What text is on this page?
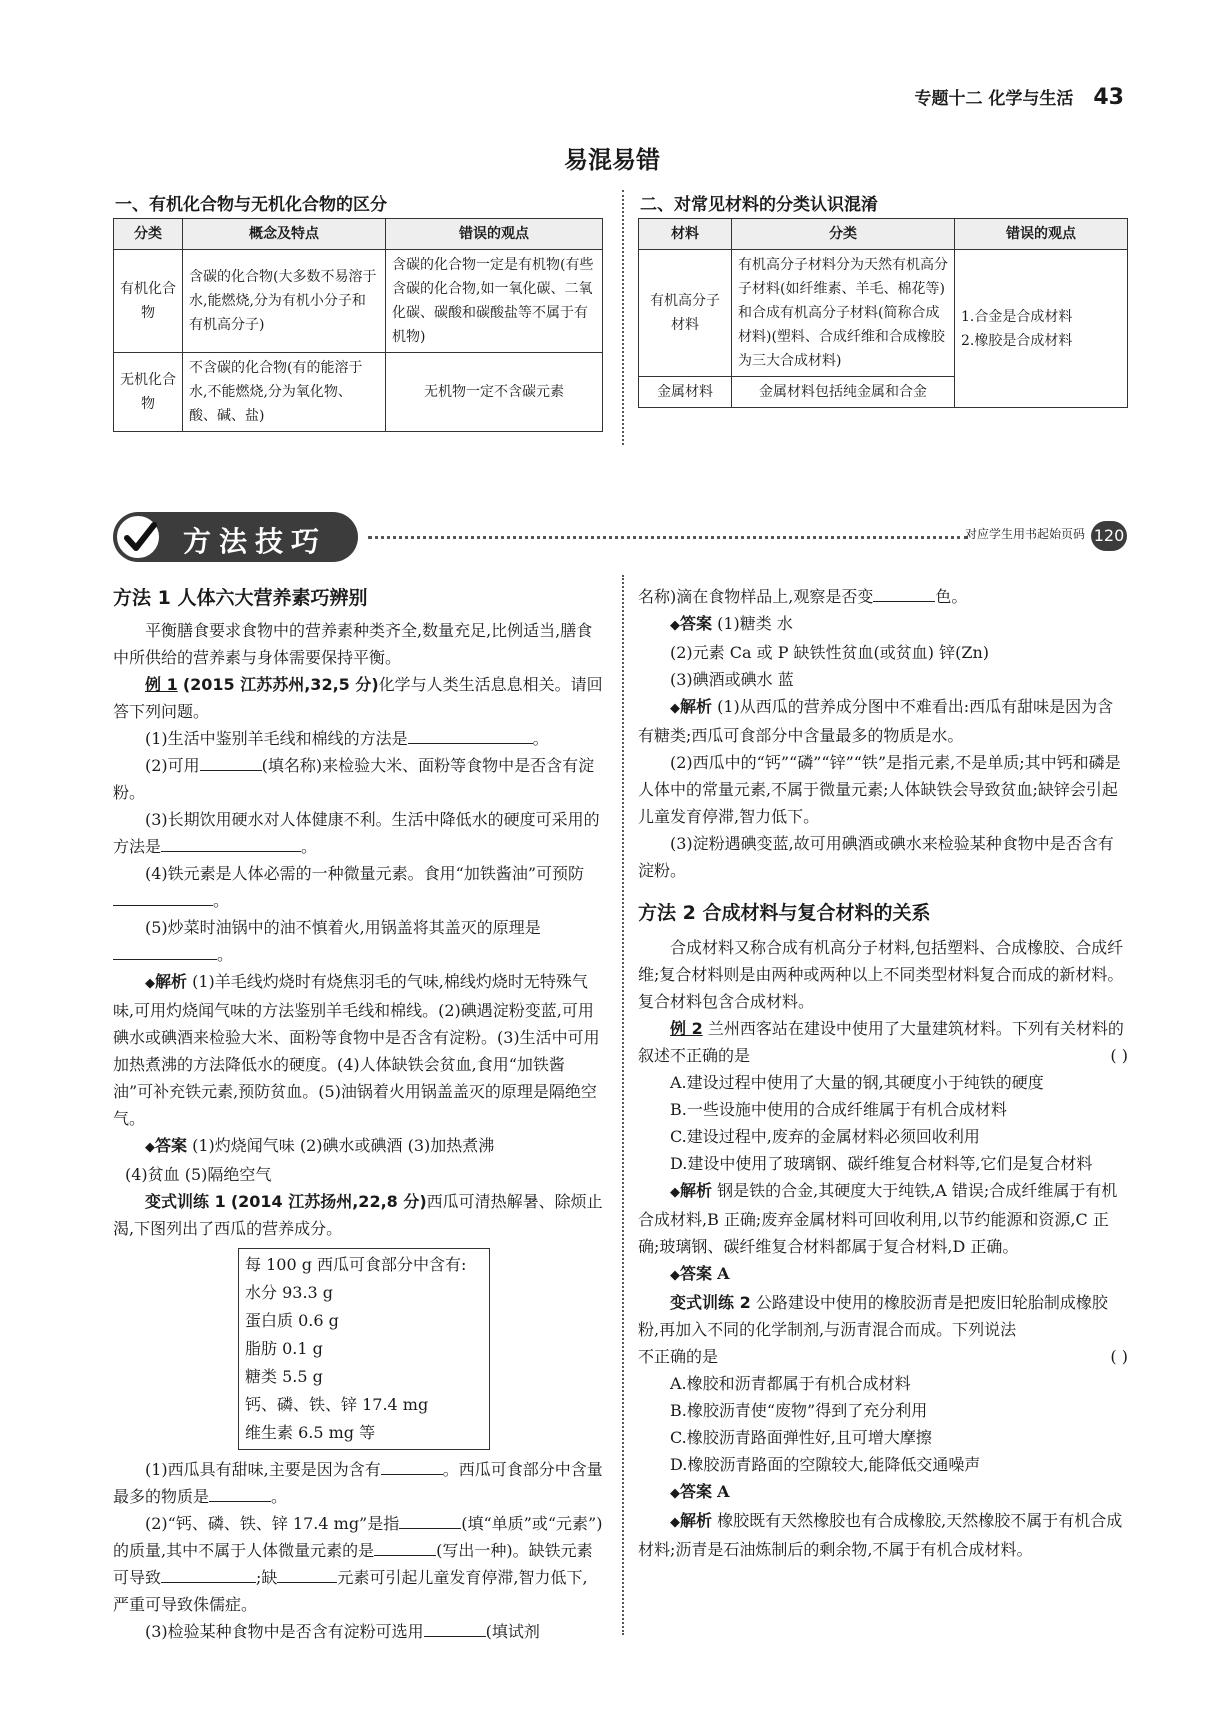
专题十二 化学与生活 43
易混易错
一、有机化合物与无机化合物的区分
分类	概念及特点	错误的观点
有机化合物	含碳的化合物(大多数不易溶于水,能燃烧,分为有机小分子和有机高分子)	含碳的化合物一定是有机物(有些含碳的化合物,如一氧化碳、二氧化碳、碳酸和碳酸盐等不属于有机物)
无机化合物	不含碳的化合物(有的能溶于水,不能燃烧,分为氧化物、酸、碱、盐)	无机物一定不含碳元素
二、对常见材料的分类认识混淆
材料	分类	错误的观点
有机高分子材料	有机高分子材料分为天然有机高分子材料(如纤维素、羊毛、棉花等)和合成有机高分子材料(简称合成材料)(塑料、合成纤维和合成橡胶为三大合成材料)	1.合金是合成材料
2.橡胶是合成材料

金属材料	金属材料包括纯金属和合金	
方法技巧	对应学生用书起始页码 120

方法 1 人体六大营养素巧辨别

平衡膳食要求食物中的营养素种类齐全,数量充足,比例适当,膳食中所供给的营养素与身体需要保持平衡。

例 1 (2015 江苏苏州,32,5 分)化学与人类生活息息相关。请回答下列问题。

(1)生活中鉴别羊毛线和棉线的方法是	。

(2)可用	(填名称)来检验大米、面粉等食物中是否含有淀粉。

(3)长期饮用硬水对人体健康不利。生活中降低水的硬度可采用的方法是	。

(4)铁元素是人体必需的一种微量元素。食用“加铁酱油”可预防。

(5)炒菜时油锅中的油不慎着火,用锅盖将其盖灭的原理是。

◆解析 (1)羊毛线灼烧时有烧焦羽毛的气味,棉线灼烧时无特殊气味,可用灼烧闻气味的方法鉴别羊毛线和棉线。(2)碘遇淀粉变蓝,可用碘水或碘酒来检验大米、面粉等食物中是否含有淀粉。(3)生活中可用加热煮沸的方法降低水的硬度。(4)人体缺铁会贫血,食用“加铁酱油”可补充铁元素,预防贫血。(5)油锅着火用锅盖盖灭的原理是隔绝空气。

◆答案 (1)灼烧闻气味 (2)碘水或碘酒 (3)加热煮沸

(4)贫血 (5)隔绝空气

变式训练 1 (2014 江苏扬州,22,8 分)西瓜可清热解暑、除烦止渴,下图列出了西瓜的营养成分。

每 100 g 西瓜可食部分中含有:
水分 93.3 g
蛋白质 0.6 g
脂肪 0.1 g
糖类 5.5 g
钙、磷、铁、锌 17.4 mg
维生素 6.5 mg 等

(1)西瓜具有甜味,主要是因为含有	。西瓜可食部分中含量最多的物质是	。

(2)“钙、磷、铁、锌 17.4 mg”是指	(填“单质”或“元素”)的质量,其中不属于人体微量元素的是	(写出一种)。缺铁元素可导致	;缺	元素可引起儿童发育停滞,智力低下,严重可导致侏儒症。

(3)检验某种食物中是否含有淀粉可选用	(填试剂

名称)滴在食物样品上,观察是否变	色。

◆答案 (1)糖类 水

(2)元素 Ca 或 P 缺铁性贫血(或贫血) 锌(Zn)

(3)碘酒或碘水 蓝

◆解析 (1)从西瓜的营养成分图中不难看出:西瓜有甜味是因为含有糖类;西瓜可食部分中含量最多的物质是水。

(2)西瓜中的“钙”“磷”“锌”“铁”是指元素,不是单质;其中钙和磷是人体中的常量元素,不属于微量元素;人体缺铁会导致贫血;缺锌会引起儿童发育停滞,智力低下。

(3)淀粉遇碘变蓝,故可用碘酒或碘水来检验某种食物中是否含有淀粉。

方法 2 合成材料与复合材料的关系

合成材料又称合成有机高分子材料,包括塑料、合成橡胶、合成纤维;复合材料则是由两种或两种以上不同类型材料复合而成的新材料。复合材料包含合成材料。

例 2 兰州西客站在建设中使用了大量建筑材料。下列有关材料的叙述不正确的是	( )

A.建设过程中使用了大量的钢,其硬度小于纯铁的硬度

B.一些设施中使用的合成纤维属于有机合成材料

C.建设过程中,废弃的金属材料必须回收利用

D.建设中使用了玻璃钢、碳纤维复合材料等,它们是复合材料

◆解析 钢是铁的合金,其硬度大于纯铁,A 错误;合成纤维属于有机合成材料,B 正确;废弃金属材料可回收利用,以节约能源和资源,C 正确;玻璃钢、碳纤维复合材料都属于复合材料,D 正确。

◆答案 A

变式训练 2 公路建设中使用的橡胶沥青是把废旧轮胎制成橡胶粉,再加入不同的化学制剂,与沥青混合而成。下列说法

不正确的是	( )

A.橡胶和沥青都属于有机合成材料

B.橡胶沥青使“废物”得到了充分利用

C.橡胶沥青路面弹性好,且可增大摩擦

D.橡胶沥青路面的空隙较大,能降低交通噪声

◆答案 A

◆解析 橡胶既有天然橡胶也有合成橡胶,天然橡胶不属于有机合成材料;沥青是石油炼制后的剩余物,不属于有机合成材料。
